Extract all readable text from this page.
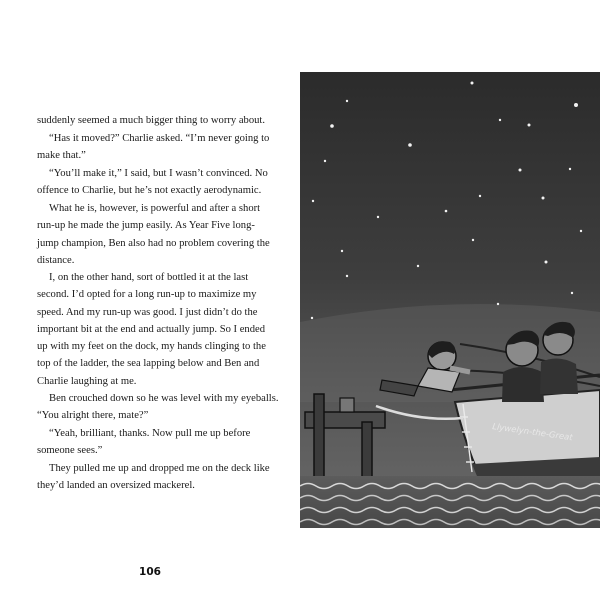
suddenly seemed a much bigger thing to worry about.

“Has it moved?” Charlie asked. “I’m never going to
make that.”

“You’ll make it,” I said, but I wasn’t convinced. No
offence to Charlie, but he’s not exactly aerodynamic.

What he is, however, is powerful and after a short
run-up he made the jump easily. As Year Five long-
jump champion, Ben also had no problem covering the
distance.

I, on the other hand, sort of bottled it at the last
second. I’d opted for a long run-up to maximize my
speed. And my run-up was good. I just didn’t do the
important bit at the end and actually jump. So I ended
up with my feet on the dock, my hands clinging to the
top of the ladder, the sea lapping below and Ben and
Charlie laughing at me.

Ben crouched down so he was level with my eyeballs.
“You alright there, mate?”

“Yeah, brilliant, thanks. Now pull me up before
someone sees.”

They pulled me up and dropped me on the deck like
they’d landed an oversized mackerel.

106
Llywelyn-the-Great
